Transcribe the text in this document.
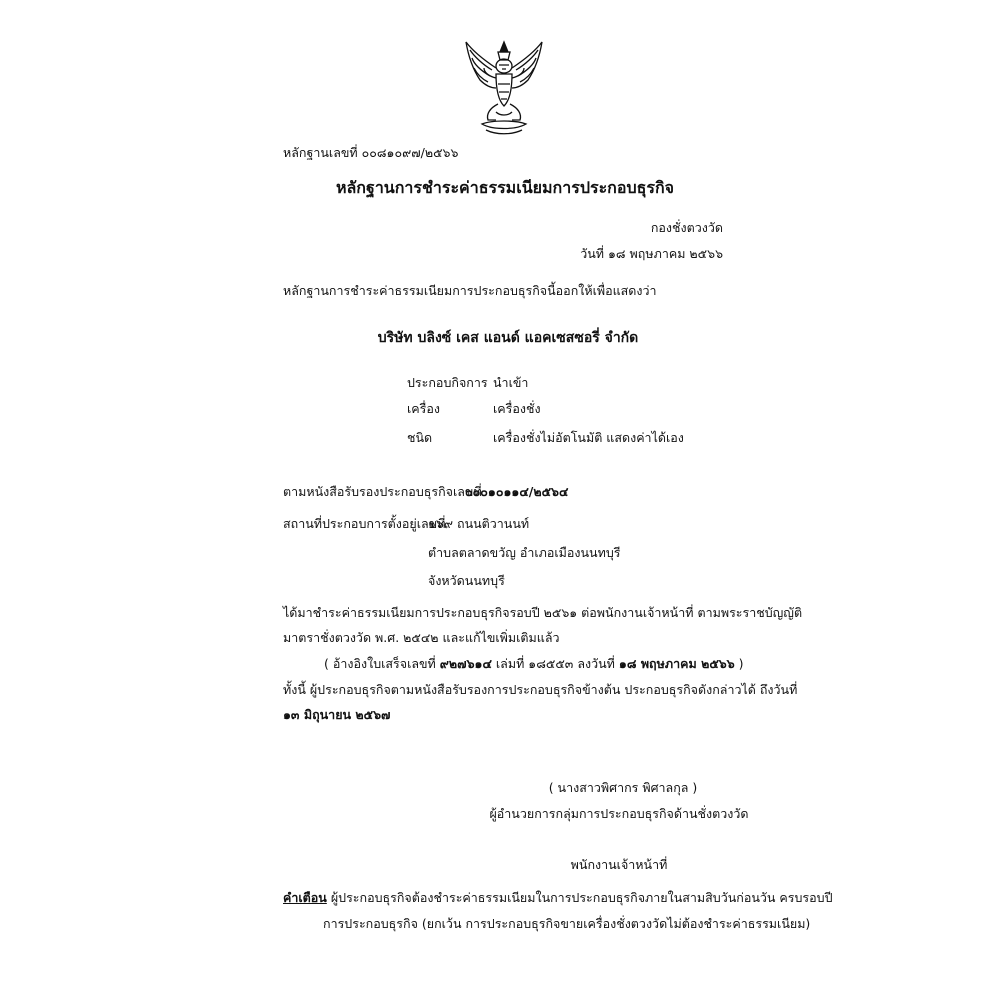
หลักฐานเลขที่ ๐๐๘๑๐๙๗/๒๕๖๖
หลักฐานการชำระค่าธรรมเนียมการประกอบธุรกิจ
กองชั่งตวงวัด
วันที่ ๑๘ พฤษภาคม ๒๕๖๖
หลักฐานการชำระค่าธรรมเนียมการประกอบธุรกิจนี้ออกให้เพื่อแสดงว่า
บริษัท บลิงซ์ เคส แอนด์ แอคเซสซอรี่ จำกัด
ประกอบกิจการ นำเข้า
เครื่อง	เครื่องชั่ง
ชนิด	เครื่องชั่งไม่อัตโนมัติ แสดงค่าได้เอง
ตามหนังสือรับรองประกอบธุรกิจเลขที่
๐๐๐๑๐๑๑๔/๒๕๖๔
สถานที่ประกอบการตั้งอยู่เลขที่
๑๖๙ ถนนติวานนท์
ตำบลตลาดขวัญ อำเภอเมืองนนทบุรี
จังหวัดนนทบุรี
ได้มาชำระค่าธรรมเนียมการประกอบธุรกิจรอบปี ๒๕๖๑ ต่อพนักงานเจ้าหน้าที่ ตามพระราชบัญญัติ
มาตราชั่งตวงวัด พ.ศ. ๒๕๔๒ และแก้ไขเพิ่มเติมแล้ว
( อ้างอิงใบเสร็จเลขที่ ๙๒๗๖๑๔ เล่มที่ ๑๘๕๕๓ ลงวันที่ ๑๘ พฤษภาคม ๒๕๖๖ )
ทั้งนี้ ผู้ประกอบธุรกิจตามหนังสือรับรองการประกอบธุรกิจข้างต้น ประกอบธุรกิจดังกล่าวได้ ถึงวันที่
๑๓ มิถุนายน ๒๕๖๗
( นางสาวพิศากร พิศาลกุล )
ผู้อำนวยการกลุ่มการประกอบธุรกิจด้านชั่งตวงวัด
พนักงานเจ้าหน้าที่
คำเตือน ผู้ประกอบธุรกิจต้องชำระค่าธรรมเนียมในการประกอบธุรกิจภายในสามสิบวันก่อนวัน ครบรอบปี
การประกอบธุรกิจ (ยกเว้น การประกอบธุรกิจขายเครื่องชั่งตวงวัดไม่ต้องชำระค่าธรรมเนียม)
